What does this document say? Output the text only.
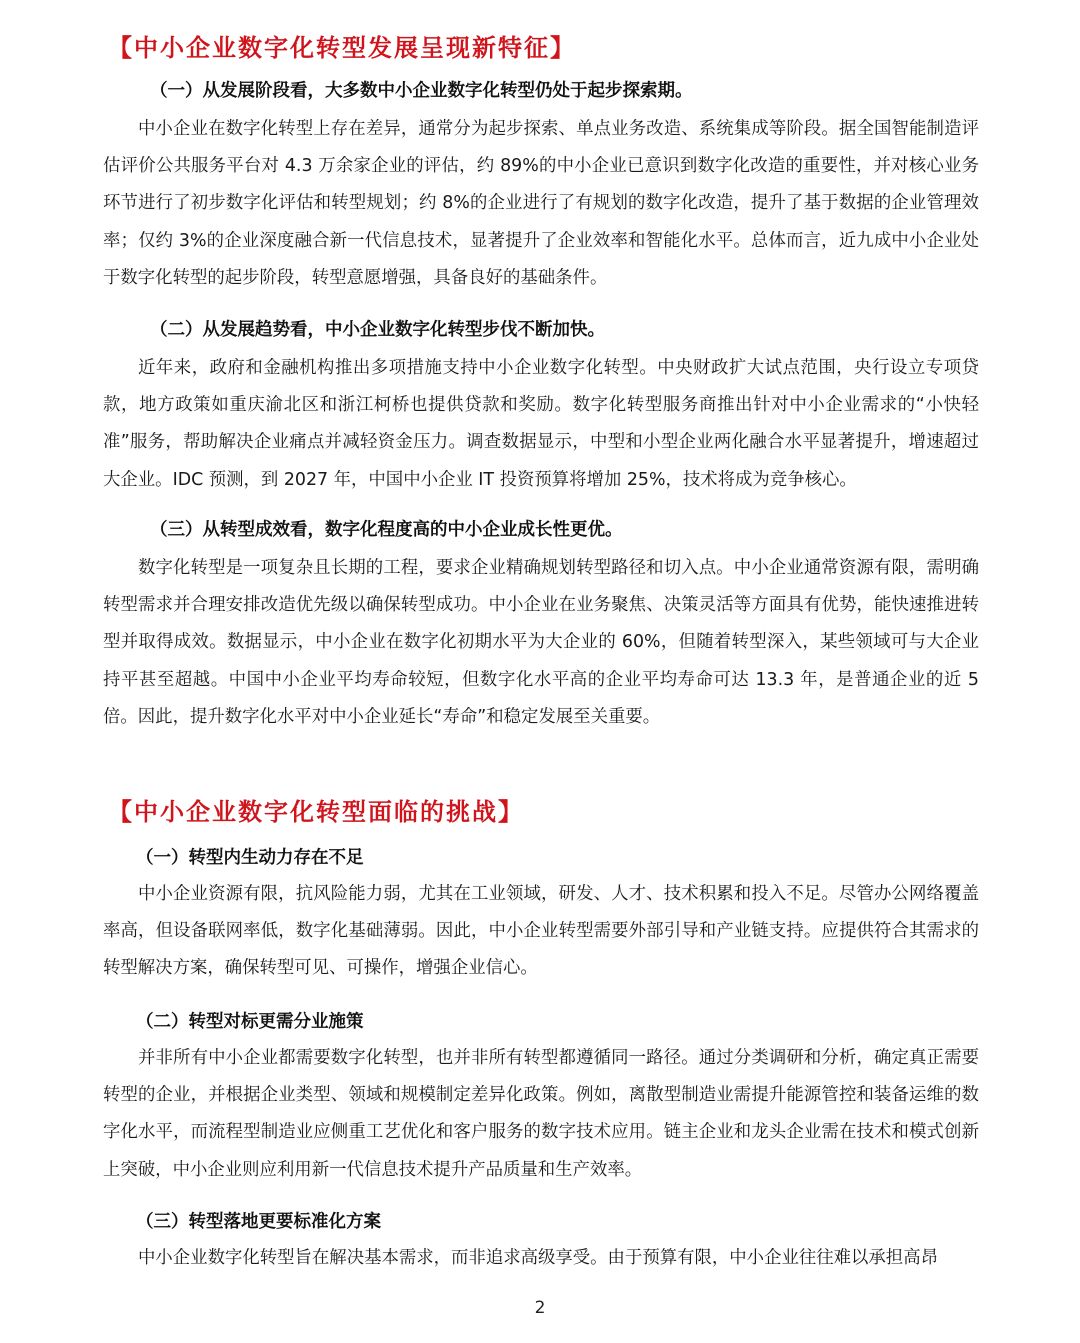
【中小企业数字化转型发展呈现新特征】
（一）从发展阶段看，大多数中小企业数字化转型仍处于起步探索期。
中小企业在数字化转型上存在差异，通常分为起步探索、单点业务改造、系统集成等阶段。据全国智能制造评估评价公共服务平台对 4.3 万余家企业的评估，约 89%的中小企业已意识到数字化改造的重要性，并对核心业务环节进行了初步数字化评估和转型规划；约 8%的企业进行了有规划的数字化改造，提升了基于数据的企业管理效率；仅约 3%的企业深度融合新一代信息技术，显著提升了企业效率和智能化水平。总体而言，近九成中小企业处于数字化转型的起步阶段，转型意愿增强，具备良好的基础条件。
（二）从发展趋势看，中小企业数字化转型步伐不断加快。
近年来，政府和金融机构推出多项措施支持中小企业数字化转型。中央财政扩大试点范围，央行设立专项贷款，地方政策如重庆渝北区和浙江柯桥也提供贷款和奖励。数字化转型服务商推出针对中小企业需求的“小快轻准”服务，帮助解决企业痛点并减轻资金压力。调查数据显示，中型和小型企业两化融合水平显著提升，增速超过大企业。IDC 预测，到 2027 年，中国中小企业 IT 投资预算将增加 25%，技术将成为竞争核心。
（三）从转型成效看，数字化程度高的中小企业成长性更优。
数字化转型是一项复杂且长期的工程，要求企业精确规划转型路径和切入点。中小企业通常资源有限，需明确转型需求并合理安排改造优先级以确保转型成功。中小企业在业务聚焦、决策灵活等方面具有优势，能快速推进转型并取得成效。数据显示，中小企业在数字化初期水平为大企业的 60%，但随着转型深入，某些领域可与大企业持平甚至超越。中国中小企业平均寿命较短，但数字化水平高的企业平均寿命可达 13.3 年，是普通企业的近 5 倍。因此，提升数字化水平对中小企业延长“寿命”和稳定发展至关重要。
【中小企业数字化转型面临的挑战】
（一）转型内生动力存在不足
中小企业资源有限，抗风险能力弱，尤其在工业领域，研发、人才、技术积累和投入不足。尽管办公网络覆盖率高，但设备联网率低，数字化基础薄弱。因此，中小企业转型需要外部引导和产业链支持。应提供符合其需求的转型解决方案，确保转型可见、可操作，增强企业信心。
（二）转型对标更需分业施策
并非所有中小企业都需要数字化转型，也并非所有转型都遵循同一路径。通过分类调研和分析，确定真正需要转型的企业，并根据企业类型、领域和规模制定差异化政策。例如，离散型制造业需提升能源管控和装备运维的数字化水平，而流程型制造业应侧重工艺优化和客户服务的数字技术应用。链主企业和龙头企业需在技术和模式创新上突破，中小企业则应利用新一代信息技术提升产品质量和生产效率。
（三）转型落地更要标准化方案
中小企业数字化转型旨在解决基本需求，而非追求高级享受。由于预算有限，中小企业往往难以承担高昂
2
